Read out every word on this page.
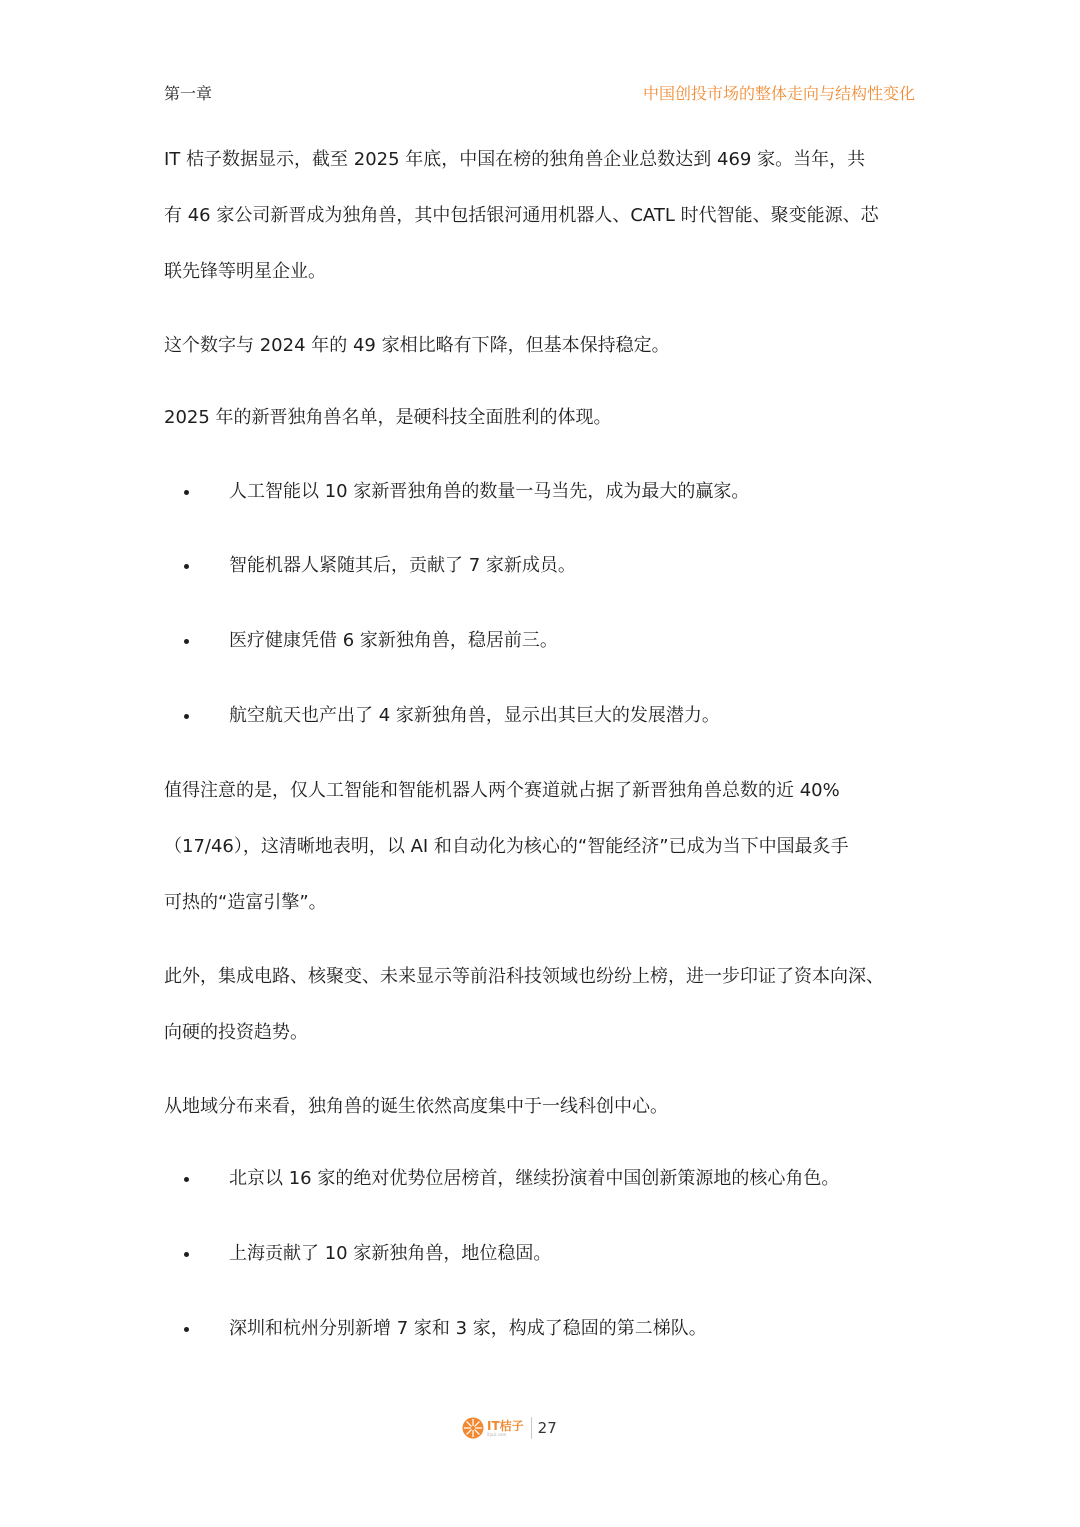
第一章	中国创投市场的整体走向与结构性变化
IT 桔子数据显示，截至 2025 年底，中国在榜的独角兽企业总数达到 469 家。当年，共
有 46 家公司新晋成为独角兽，其中包括银河通用机器人、CATL 时代智能、聚变能源、芯
联先锋等明星企业。
这个数字与 2024 年的 49 家相比略有下降，但基本保持稳定。
2025 年的新晋独角兽名单，是硬科技全面胜利的体现。
人工智能以 10 家新晋独角兽的数量一马当先，成为最大的赢家。
智能机器人紧随其后，贡献了 7 家新成员。
医疗健康凭借 6 家新独角兽，稳居前三。
航空航天也产出了 4 家新独角兽，显示出其巨大的发展潜力。
值得注意的是，仅人工智能和智能机器人两个赛道就占据了新晋独角兽总数的近 40%
（17/46），这清晰地表明，以 AI 和自动化为核心的“智能经济”已成为当下中国最炙手
可热的“造富引擎”。
此外，集成电路、核聚变、未来显示等前沿科技领域也纷纷上榜，进一步印证了资本向深、
向硬的投资趋势。
从地域分布来看，独角兽的诞生依然高度集中于一线科创中心。
北京以 16 家的绝对优势位居榜首，继续扮演着中国创新策源地的核心角色。
上海贡献了 10 家新独角兽，地位稳固。
深圳和杭州分别新增 7 家和 3 家，构成了稳固的第二梯队。
IT桔子
itjuzi.com	27
